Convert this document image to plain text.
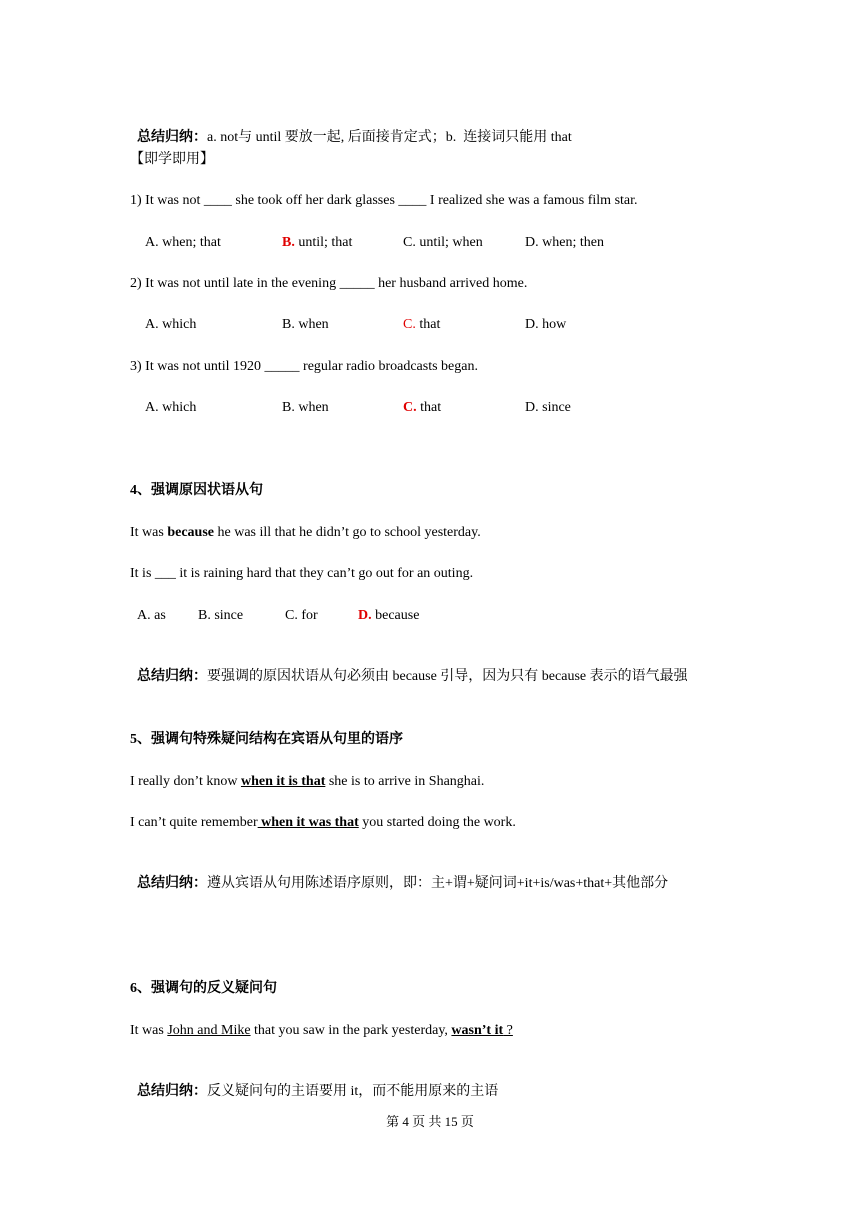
总结归纳：a. not与 until 要放一起, 后面接肯定式；b.  连接词只能用 that

【即学即用】
1) It was not ____ she took off her dark glasses ____ I realized she was a famous film star.
A. when; that	B. until; that	C. until; when	D. when; then
2) It was not until late in the evening _____ her husband arrived home.
A. which	B. when	C. that	D. how
3) It was not until 1920 _____ regular radio broadcasts began.
A. which	B. when	C. that	D. since
4、强调原因状语从句
It was because he was ill that he didn’t go to school yesterday.
It is ___ it is raining hard that they can’t go out for an outing.
A. as B. since	C. for	D. because

总结归纳：要强调的原因状语从句必须由 because 引导，因为只有 because 表示的语气最强

5、强调句特殊疑问结构在宾语从句里的语序
I really don’t know when it is that she is to arrive in Shanghai.
I can’t quite remember when it was that you started doing the work.

总结归纳：遵从宾语从句用陈述语序原则，即：主+谓+疑问词+it+is/was+that+其他部分

6、强调句的反义疑问句
It was John and Mike that you saw in the park yesterday, wasn’t it ?

总结归纳：反义疑问句的主语要用 it，而不能用原来的主语

第 4 页 共 15 页
